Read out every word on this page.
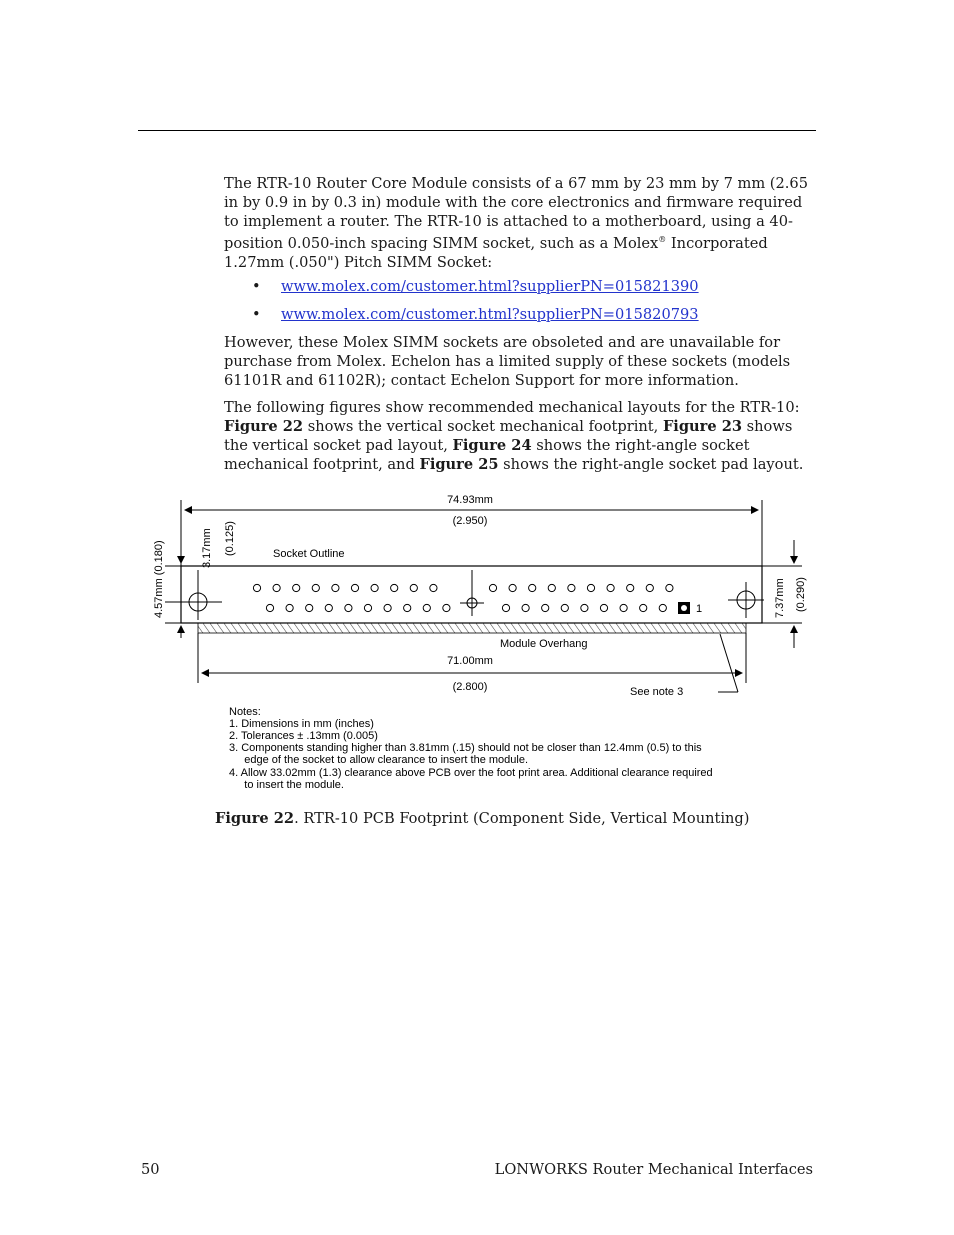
The RTR-10 Router Core Module consists of a 67 mm by 23 mm by 7 mm (2.65 in by 0.9 in by 0.3 in) module with the core electronics and firmware required to implement a router. The RTR-10 is attached to a motherboard, using a 40-position 0.050-inch spacing SIMM socket, such as a Molex® Incorporated 1.27mm (.050") Pitch SIMM Socket:

• www.molex.com/customer.html?supplierPN=015821390
• www.molex.com/customer.html?supplierPN=015820793

However, these Molex SIMM sockets are obsoleted and are unavailable for purchase from Molex. Echelon has a limited supply of these sockets (models 61101R and 61102R); contact Echelon Support for more information.

The following figures show recommended mechanical layouts for the RTR-10: Figure 22 shows the vertical socket mechanical footprint, Figure 23 shows the vertical socket pad layout, Figure 24 shows the right-angle socket mechanical footprint, and Figure 25 shows the right-angle socket pad layout.

74.93mm
(2.950)
71.00mm
(2.800)
4.57mm (0.180)	3.17mm (0.125)
7.37mm (0.290)
Socket Outline
Module Overhang
See note 3
1
Notes:
1. Dimensions in mm (inches)
2. Tolerances ± .13mm (0.005)
3. Components standing higher than 3.81mm (.15) should not be closer than 12.4mm (0.5) to this
edge of the socket to allow clearance to insert the module.
4. Allow 33.02mm (1.3) clearance above PCB over the foot print area. Additional clearance required
to insert the module.
Figure 22. RTR-10 PCB Footprint (Component Side, Vertical Mounting)
50	LONWORKS Router Mechanical Interfaces
